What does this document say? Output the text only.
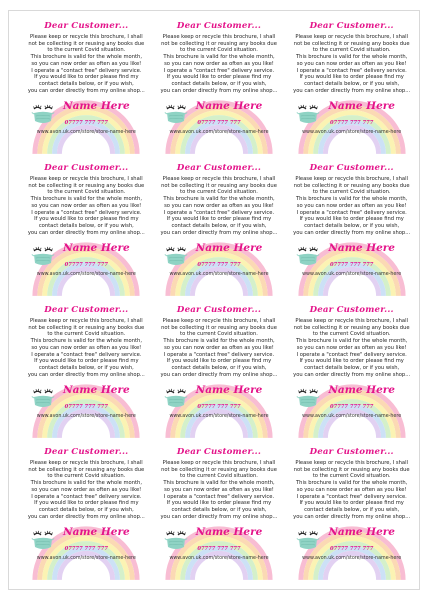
Dear Customer...
Please keep or recycle this brochure, I shall
not be collecting it or reusing any books due
to the current Covid situation.
This brochure is valid for the whole month,
so you can now order as often as you like!
I operate a "contact free" delivery service.
If you would like to order please find my
contact details below, or if you wish,
you can order directly from my online shop...
Name Here
07777 777 777
www.avon.uk.com/store/store-name-here
Dear Customer...
Please keep or recycle this brochure, I shall
not be collecting it or reusing any books due
to the current Covid situation.
This brochure is valid for the whole month,
so you can now order as often as you like!
I operate a "contact free" delivery service.
If you would like to order please find my
contact details below, or if you wish,
you can order directly from my online shop...
Name Here
07777 777 777
www.avon.uk.com/store/store-name-here
Dear Customer...
Please keep or recycle this brochure, I shall
not be collecting it or reusing any books due
to the current Covid situation.
This brochure is valid for the whole month,
so you can now order as often as you like!
I operate a "contact free" delivery service.
If you would like to order please find my
contact details below, or if you wish,
you can order directly from my online shop...
Name Here
07777 777 777
www.avon.uk.com/store/store-name-here
Dear Customer...
Please keep or recycle this brochure, I shall
not be collecting it or reusing any books due
to the current Covid situation.
This brochure is valid for the whole month,
so you can now order as often as you like!
I operate a "contact free" delivery service.
If you would like to order please find my
contact details below, or if you wish,
you can order directly from my online shop...
Name Here
07777 777 777
www.avon.uk.com/store/store-name-here
Dear Customer...
Please keep or recycle this brochure, I shall
not be collecting it or reusing any books due
to the current Covid situation.
This brochure is valid for the whole month,
so you can now order as often as you like!
I operate a "contact free" delivery service.
If you would like to order please find my
contact details below, or if you wish,
you can order directly from my online shop...
Name Here
07777 777 777
www.avon.uk.com/store/store-name-here
Dear Customer...
Please keep or recycle this brochure, I shall
not be collecting it or reusing any books due
to the current Covid situation.
This brochure is valid for the whole month,
so you can now order as often as you like!
I operate a "contact free" delivery service.
If you would like to order please find my
contact details below, or if you wish,
you can order directly from my online shop...
Name Here
07777 777 777
www.avon.uk.com/store/store-name-here
Dear Customer...
Please keep or recycle this brochure, I shall
not be collecting it or reusing any books due
to the current Covid situation.
This brochure is valid for the whole month,
so you can now order as often as you like!
I operate a "contact free" delivery service.
If you would like to order please find my
contact details below, or if you wish,
you can order directly from my online shop...
Name Here
07777 777 777
www.avon.uk.com/store/store-name-here
Dear Customer...
Please keep or recycle this brochure, I shall
not be collecting it or reusing any books due
to the current Covid situation.
This brochure is valid for the whole month,
so you can now order as often as you like!
I operate a "contact free" delivery service.
If you would like to order please find my
contact details below, or if you wish,
you can order directly from my online shop...
Name Here
07777 777 777
www.avon.uk.com/store/store-name-here
Dear Customer...
Please keep or recycle this brochure, I shall
not be collecting it or reusing any books due
to the current Covid situation.
This brochure is valid for the whole month,
so you can now order as often as you like!
I operate a "contact free" delivery service.
If you would like to order please find my
contact details below, or if you wish,
you can order directly from my online shop...
Name Here
07777 777 777
www.avon.uk.com/store/store-name-here
Dear Customer...
Please keep or recycle this brochure, I shall
not be collecting it or reusing any books due
to the current Covid situation.
This brochure is valid for the whole month,
so you can now order as often as you like!
I operate a "contact free" delivery service.
If you would like to order please find my
contact details below, or if you wish,
you can order directly from my online shop...
Name Here
07777 777 777
www.avon.uk.com/store/store-name-here
Dear Customer...
Please keep or recycle this brochure, I shall
not be collecting it or reusing any books due
to the current Covid situation.
This brochure is valid for the whole month,
so you can now order as often as you like!
I operate a "contact free" delivery service.
If you would like to order please find my
contact details below, or if you wish,
you can order directly from my online shop...
Name Here
07777 777 777
www.avon.uk.com/store/store-name-here
Dear Customer...
Please keep or recycle this brochure, I shall
not be collecting it or reusing any books due
to the current Covid situation.
This brochure is valid for the whole month,
so you can now order as often as you like!
I operate a "contact free" delivery service.
If you would like to order please find my
contact details below, or if you wish,
you can order directly from my online shop...
Name Here
07777 777 777
www.avon.uk.com/store/store-name-here
